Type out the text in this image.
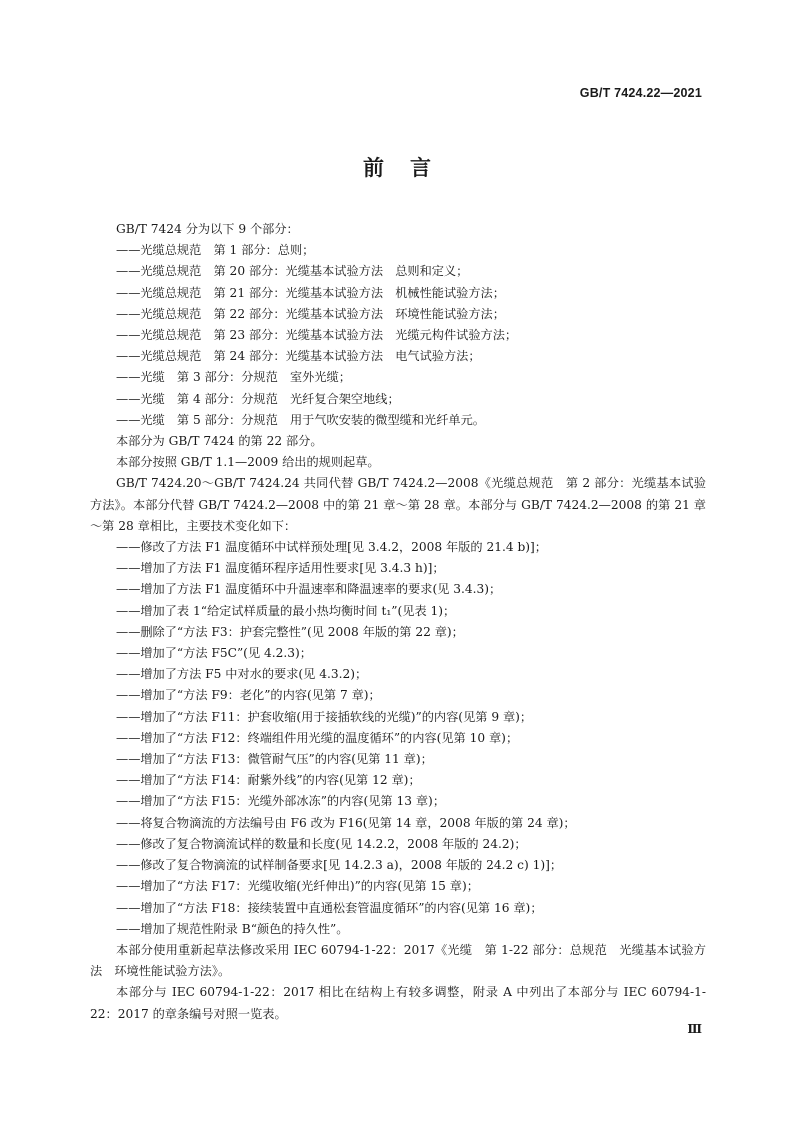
GB/T 7424.22—2021
前 言

GB/T 7424 分为以下 9 个部分：

——光缆总规范　第 1 部分：总则；

——光缆总规范　第 20 部分：光缆基本试验方法　总则和定义；

——光缆总规范　第 21 部分：光缆基本试验方法　机械性能试验方法；

——光缆总规范　第 22 部分：光缆基本试验方法　环境性能试验方法；

——光缆总规范　第 23 部分：光缆基本试验方法　光缆元构件试验方法；

——光缆总规范　第 24 部分：光缆基本试验方法　电气试验方法；

——光缆　第 3 部分：分规范　室外光缆；

——光缆　第 4 部分：分规范　光纤复合架空地线；

——光缆　第 5 部分：分规范　用于气吹安装的微型缆和光纤单元。

本部分为 GB/T 7424 的第 22 部分。

本部分按照 GB/T 1.1—2009 给出的规则起草。

GB/T 7424.20～GB/T 7424.24 共同代替 GB/T 7424.2—2008《光缆总规范　第 2 部分：光缆基本试验方法》。本部分代替 GB/T 7424.2—2008 中的第 21 章～第 28 章。本部分与 GB/T 7424.2—2008 的第 21 章～第 28 章相比，主要技术变化如下：

——修改了方法 F1 温度循环中试样预处理[见 3.4.2，2008 年版的 21.4 b)]；

——增加了方法 F1 温度循环程序适用性要求[见 3.4.3 h)]；

——增加了方法 F1 温度循环中升温速率和降温速率的要求(见 3.4.3)；

——增加了表 1“给定试样质量的最小热均衡时间 t₁”(见表 1)；

——删除了“方法 F3：护套完整性”(见 2008 年版的第 22 章)；

——增加了“方法 F5C”(见 4.2.3)；

——增加了方法 F5 中对水的要求(见 4.3.2)；

——增加了“方法 F9：老化”的内容(见第 7 章)；

——增加了“方法 F11：护套收缩(用于接插软线的光缆)”的内容(见第 9 章)；

——增加了“方法 F12：终端组件用光缆的温度循环”的内容(见第 10 章)；

——增加了“方法 F13：微管耐气压”的内容(见第 11 章)；

——增加了“方法 F14：耐紫外线”的内容(见第 12 章)；

——增加了“方法 F15：光缆外部冰冻”的内容(见第 13 章)；

——将复合物滴流的方法编号由 F6 改为 F16(见第 14 章，2008 年版的第 24 章)；

——修改了复合物滴流试样的数量和长度(见 14.2.2，2008 年版的 24.2)；

——修改了复合物滴流的试样制备要求[见 14.2.3 a)，2008 年版的 24.2 c) 1)]；

——增加了“方法 F17：光缆收缩(光纤伸出)”的内容(见第 15 章)；

——增加了“方法 F18：接续装置中直通松套管温度循环”的内容(见第 16 章)；

——增加了规范性附录 B“颜色的持久性”。

本部分使用重新起草法修改采用 IEC 60794-1-22：2017《光缆　第 1-22 部分：总规范　光缆基本试验方法　环境性能试验方法》。

本部分与 IEC 60794-1-22：2017 相比在结构上有较多调整，附录 A 中列出了本部分与 IEC 60794-1-22：2017 的章条编号对照一览表。

Ⅲ
